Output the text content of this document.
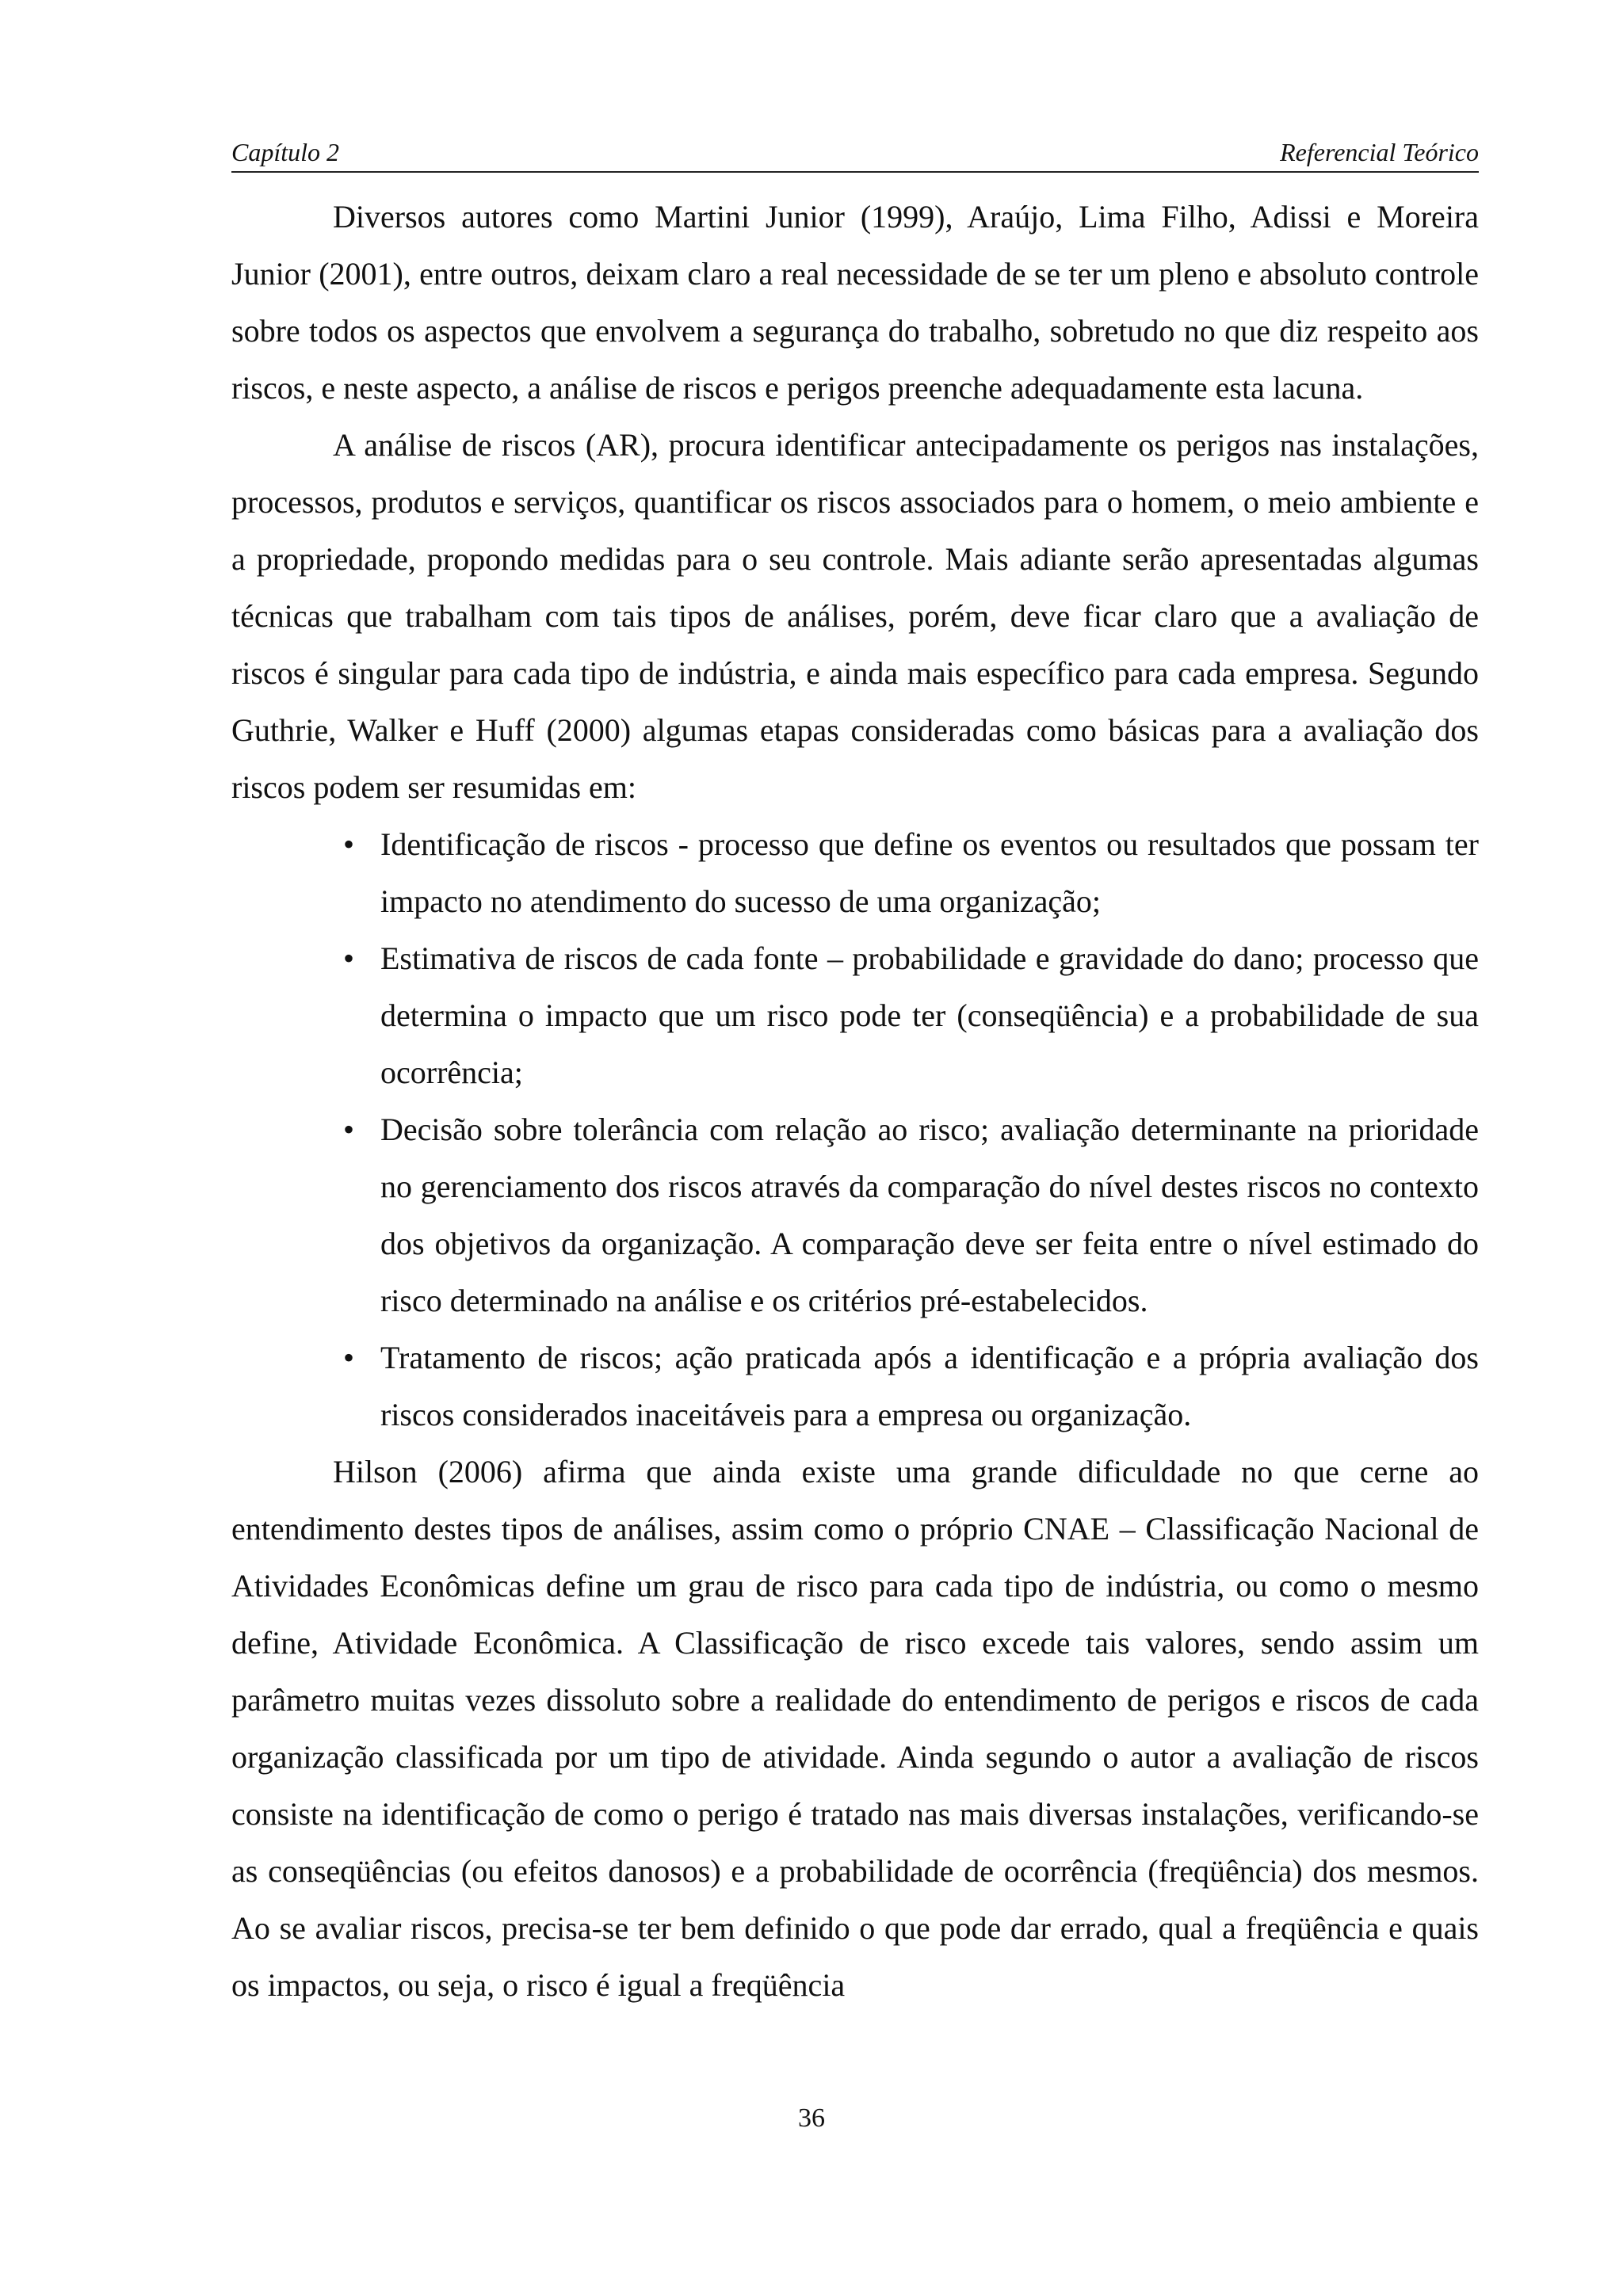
Capítulo 2	Referencial Teórico

Diversos autores como Martini Junior (1999), Araújo, Lima Filho, Adissi e Moreira Junior (2001), entre outros, deixam claro a real necessidade de se ter um pleno e absoluto controle sobre todos os aspectos que envolvem a segurança do trabalho, sobretudo no que diz respeito aos riscos, e neste aspecto, a análise de riscos e perigos preenche adequadamente esta lacuna.

A análise de riscos (AR), procura identificar antecipadamente os perigos nas instalações, processos, produtos e serviços, quantificar os riscos associados para o homem, o meio ambiente e a propriedade, propondo medidas para o seu controle. Mais adiante serão apresentadas algumas técnicas que trabalham com tais tipos de análises, porém, deve ficar claro que a avaliação de riscos é singular para cada tipo de indústria, e ainda mais específico para cada empresa. Segundo Guthrie, Walker e Huff (2000) algumas etapas consideradas como básicas para a avaliação dos riscos podem ser resumidas em:

• Identificação de riscos - processo que define os eventos ou resultados que possam ter impacto no atendimento do sucesso de uma organização;
• Estimativa de riscos de cada fonte – probabilidade e gravidade do dano; processo que determina o impacto que um risco pode ter (conseqüência) e a probabilidade de sua ocorrência;
• Decisão sobre tolerância com relação ao risco; avaliação determinante na prioridade no gerenciamento dos riscos através da comparação do nível destes riscos no contexto dos objetivos da organização. A comparação deve ser feita entre o nível estimado do risco determinado na análise e os critérios pré-estabelecidos.
• Tratamento de riscos; ação praticada após a identificação e a própria avaliação dos riscos considerados inaceitáveis para a empresa ou organização.

Hilson (2006) afirma que ainda existe uma grande dificuldade no que cerne ao entendimento destes tipos de análises, assim como o próprio CNAE – Classificação Nacional de Atividades Econômicas define um grau de risco para cada tipo de indústria, ou como o mesmo define, Atividade Econômica. A Classificação de risco excede tais valores, sendo assim um parâmetro muitas vezes dissoluto sobre a realidade do entendimento de perigos e riscos de cada organização classificada por um tipo de atividade. Ainda segundo o autor a avaliação de riscos consiste na identificação de como o perigo é tratado nas mais diversas instalações, verificando-se as conseqüências (ou efeitos danosos) e a probabilidade de ocorrência (freqüência) dos mesmos. Ao se avaliar riscos, precisa-se ter bem definido o que pode dar errado, qual a freqüência e quais os impactos, ou seja, o risco é igual a freqüência

36
